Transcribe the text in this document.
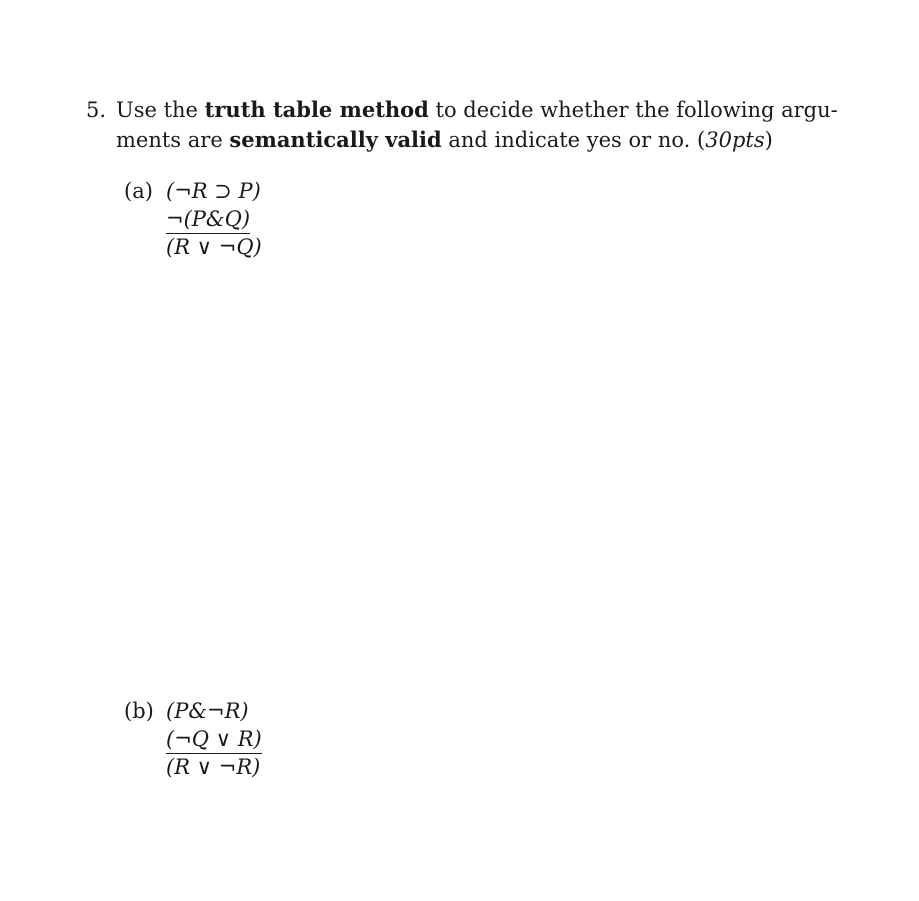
5. Use the truth table method to decide whether the following argu-
ments are semantically valid and indicate yes or no. (30pts)
(a) (¬R ⊃ P)
¬(P&Q)
(R ∨ ¬Q)
(b) (P&¬R)
(¬Q ∨ R)
(R ∨ ¬R)
